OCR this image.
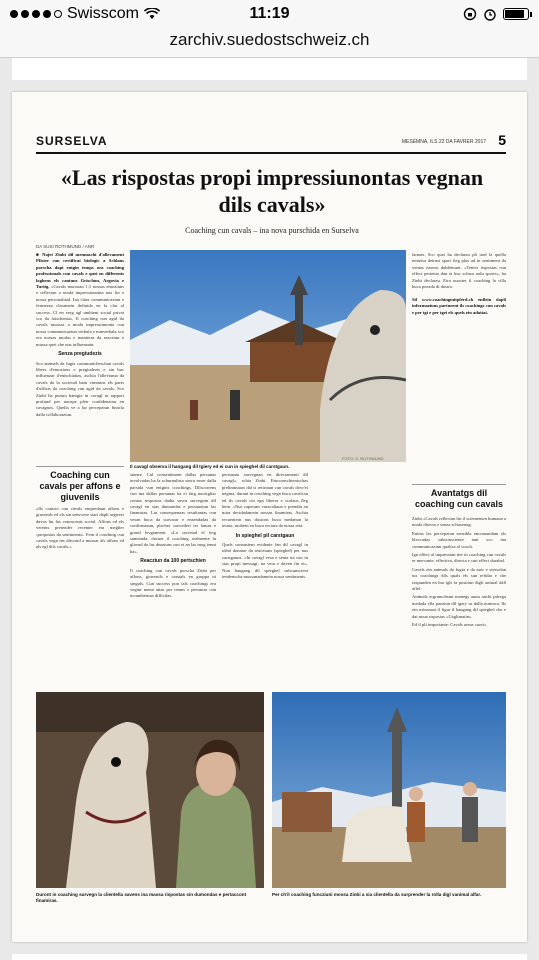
Swisscom	11:19
zarchiv.suedostschweiz.ch
SURSELVA	MESEMNA, ILS 22 DA FAVRER 2017 5
«Las rispostas propi impressiunontas vegnan dils cavals»
Coaching cun cavals – ina nova purschida en Surselva
DA SUSI ROTHMUND / ANR
■ Najet Zinbi dil mennaschi d'allevament Pfister cun certificat biologic a Schlans porscha dapi entgin temps ora coaching professionals cun cavals e quei en differents loghens els cantuns Grischun, Argovia e Turitg. «Cavals muossan 1:1 nossas emoziuns e reflectan a moda impressiunonta nus fin e nossa personalitad. Ina clara communicaziun e fermezza claramein definida en la clar al success. Cl en verg agl umbient social privat sco da fatschenta», Il coaching cun agid da cavals muossa a moda impressiunonta cun nossa communicaziun verbala e nunverbala sco era nossas modas e manieras da reacziun e mussa quei che nus influenzain.
Senza pregiudezis
Sco animals da fugia communicheschan cavals libers d'emozions e pregiudezis e sin buc influenzar d'entschiattas, aschia l'alleviama da cavals da la societad bain vimmins els parts d'uffizis da coaching cun agid da cavals. Sco Zinbi ha purtau bantgia in cavagl in rapport profund per nuospe pleir confidenziau en cavagnos. Quella ve a lur percepziun finacla dalla collaboraziun.
Coaching cun cavals per affons e giuvenils
«Ils contact cun cavals empredaun affons e giuvenils ed els sin senswere stari dapli segirezi davos lur las conoscents social. Affons ed els vereins pretender recenter era meglier ‹propostas da sentiments›. Fein il coaching cun cavals vegn ins diiscuid a mussar als affons ed als egl dils cavals.»
Il cavagl observa il hangang dil tgiery ed ei cun in spieghel dil carstgaun.
FOTO: S. ROTHMUND
larmas. Sco quei ha declarau pli tard la quella tenteisa detrusi sport fieg plus ad in sentiment da ventas easeus dublemunt. «Tenter rispostas cun effect pertenta dan ei buc sclnza ardu sports», ha Zinbi declarau. Eira uuoster il coaching la cilla buca pozzda di dastra.

Sil www.coachingmitpferd.ch enflein dapli informaziuns partueent ils coachings cun cavals e per tgi e per tgei els quels ein adattai.
sinnez. Cul consentiment dallas persunas involvadas ha la schurnalista savru esser dalla parsida vun entgins coachings. Dilscorrens cun ina dallas persunas ha ei fatg nuortgliar contas respostas dadia savru survegnin dil cavagl en sias dumondas e persuaziun las finamiras. Las consequenzas resultantas cun vesan buca da survarar e ensendadas da confirmazun, placher concederi ter lamas e grond levgiament. «La societad el feig samianda, dacuer il coaching realmente la glavud da las deaziuns cun ei an las mog tenni ha».
Reacziun da 100 pertschien
Il coaching cun cavals porscha Zinbi per affons, giuvenils e carstals en gruppa ni singuls. Cun success pon tals coachings era vegnir mena attas per teams e persunas cun incumbensas difficilas.
pertsunas survegnan en directamenti dil cavagl», schia Zinbi. Emcomschientschas preliminaras dal si retiriaun cun cavals dovr'ei negina, durant in coaching vegn buca cavalcau ed ils cavals cin egn liberar e scolaus fleg bein. «Nus caperans curacaltaun e prendin en mira decidadamein nossas finamiras. Aschia recuentein nus dustons buca medanun la teuria, mobein en buca reciara da nossa reta.
In spieghel pil carstgaun
Quels cunaustem evidente fan dil cavagl in idéal donator da reacziuns (spieghel) per nus carstgauns. «In cavagl vesa e senta tut nos in sias propi messagi; na vera e daven fin ei». Nun hangang dil spieghel subcunscient tendenscha mussanadamein nossa sentiments.
Avantatgs dil coaching cun cavals
Zinbi «Cavals reflectan fin il scientemen humaun a moda directa e senza schusenug.
Entras las percepziun sensibla encomandam els bloccadas subconsciente tant sco ina communicaziun qualisa al coach.
Ign effect al impressiun tier in coaching cun cavals er mercante, effectiva, directa e cun effect durabel.
Cavals ein animals da fugia e da noir e stessolan tus coachings dils quals els sun refidar e che raspunden en bar igls la positiun digli animal dall affel.
Animals ergrumchsmi menegs aunu anchi pitrega medada ella pazziun dil tgery ur dalla mininca. Ils ein mòssrunt il figur il hangang dil spieghel che e dat noua rispostas «Uaglimatin».
Ed il pli importante: Cavals areus cuori»
Duront in coaching survegn la clientella savens ina massa rispostas sin dumondas e pertaccont finamiras.
Per ch'il coaching funcziuni mossa Zinbi a sia clientella da surprender la rolla digl vanimal alfar.
